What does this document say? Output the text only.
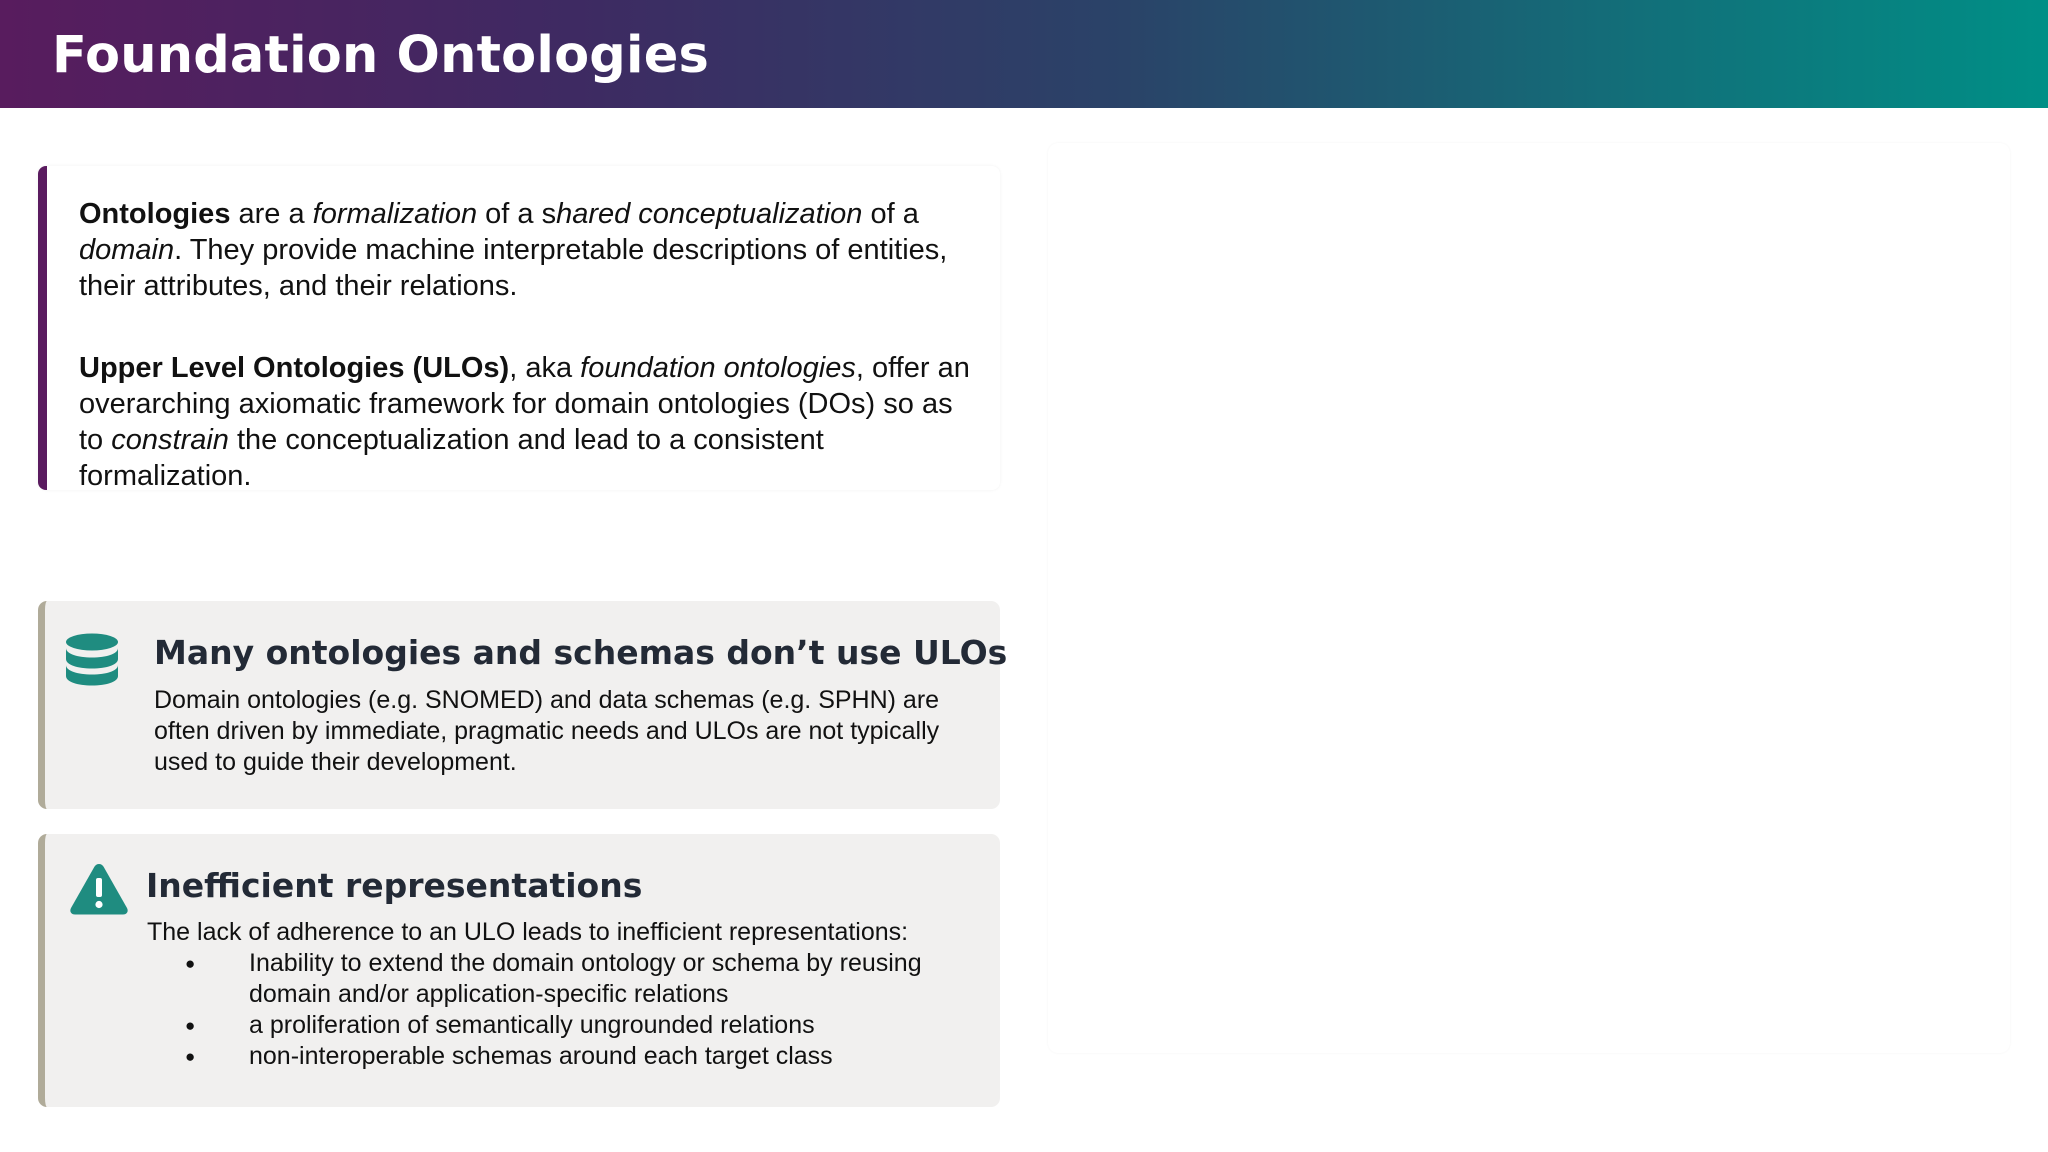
Foundation Ontologies

Ontologies are a formalization of a shared conceptualization of a domain. They provide machine interpretable descriptions of entities, their attributes, and their relations.

Upper Level Ontologies (ULOs), aka foundation ontologies, offer an overarching axiomatic framework for domain ontologies (DOs) so as to constrain the conceptualization and lead to a consistent formalization.

Many ontologies and schemas don’t use ULOs

Domain ontologies (e.g. SNOMED) and data schemas (e.g. SPHN) are often driven by immediate, pragmatic needs and ULOs are not typically used to guide their development.

Inefficient representations
The lack of adherence to an ULO leads to inefficient representations:
● Inability to extend the domain ontology or schema by reusing domain and/or application-specific relations
● a proliferation of semantically ungrounded relations
● non-interoperable schemas around each target class
